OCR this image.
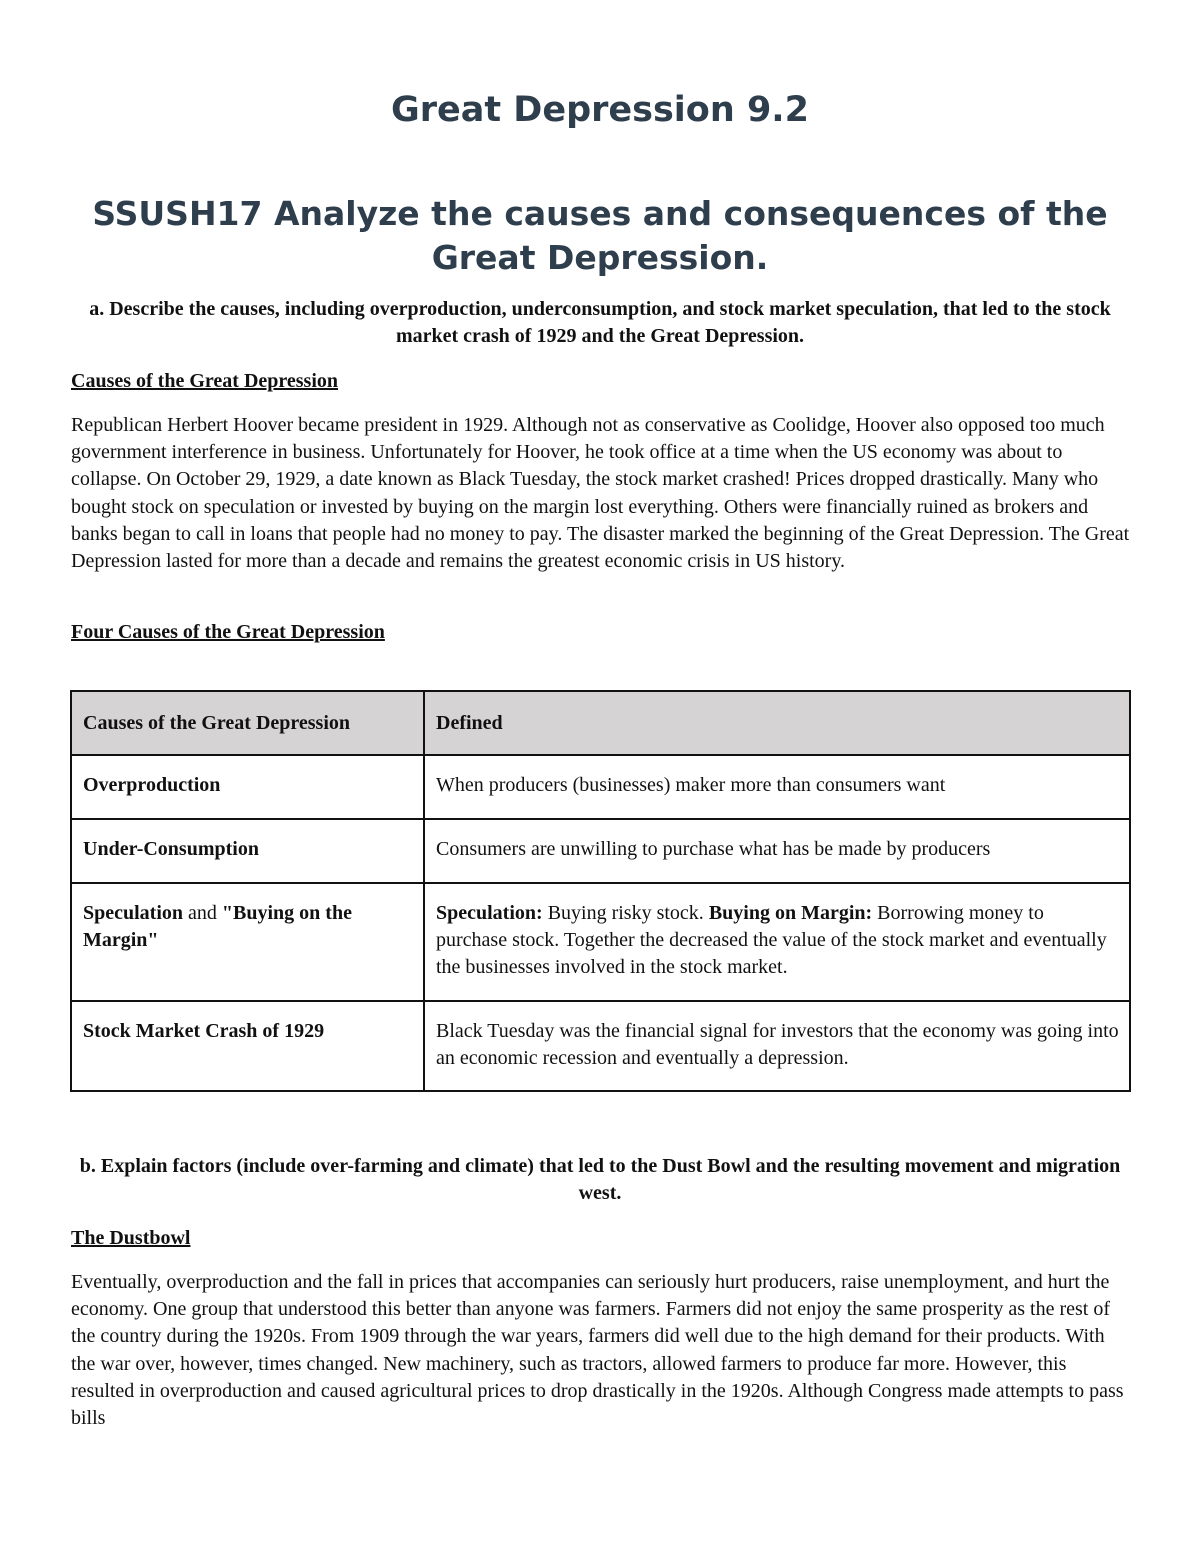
Great Depression 9.2
SSUSH17 Analyze the causes and consequences of the Great Depression.

a. Describe the causes, including overproduction, underconsumption, and stock market speculation, that led to the stock market crash of 1929 and the Great Depression.

Causes of the Great Depression

Republican Herbert Hoover became president in 1929. Although not as conservative as Coolidge, Hoover also opposed too much government interference in business. Unfortunately for Hoover, he took office at a time when the US economy was about to collapse. On October 29, 1929, a date known as Black Tuesday, the stock market crashed! Prices dropped drastically. Many who bought stock on speculation or invested by buying on the margin lost everything. Others were financially ruined as brokers and banks began to call in loans that people had no money to pay. The disaster marked the beginning of the Great Depression. The Great Depression lasted for more than a decade and remains the greatest economic crisis in US history.

Four Causes of the Great Depression

Causes of the Great Depression	Defined
Overproduction	When producers (businesses) maker more than consumers want
Under-Consumption	Consumers are unwilling to purchase what has be made by producers
Speculation and "Buying on the Margin"	Speculation: Buying risky stock. Buying on Margin: Borrowing money to purchase stock. Together the decreased the value of the stock market and eventually the businesses involved in the stock market.
Stock Market Crash of 1929	Black Tuesday was the financial signal for investors that the economy was going into an economic recession and eventually a depression.

b. Explain factors (include over-farming and climate) that led to the Dust Bowl and the resulting movement and migration west.

The Dustbowl

Eventually, overproduction and the fall in prices that accompanies can seriously hurt producers, raise unemployment, and hurt the economy. One group that understood this better than anyone was farmers. Farmers did not enjoy the same prosperity as the rest of the country during the 1920s. From 1909 through the war years, farmers did well due to the high demand for their products. With the war over, however, times changed. New machinery, such as tractors, allowed farmers to produce far more. However, this resulted in overproduction and caused agricultural prices to drop drastically in the 1920s. Although Congress made attempts to pass bills
